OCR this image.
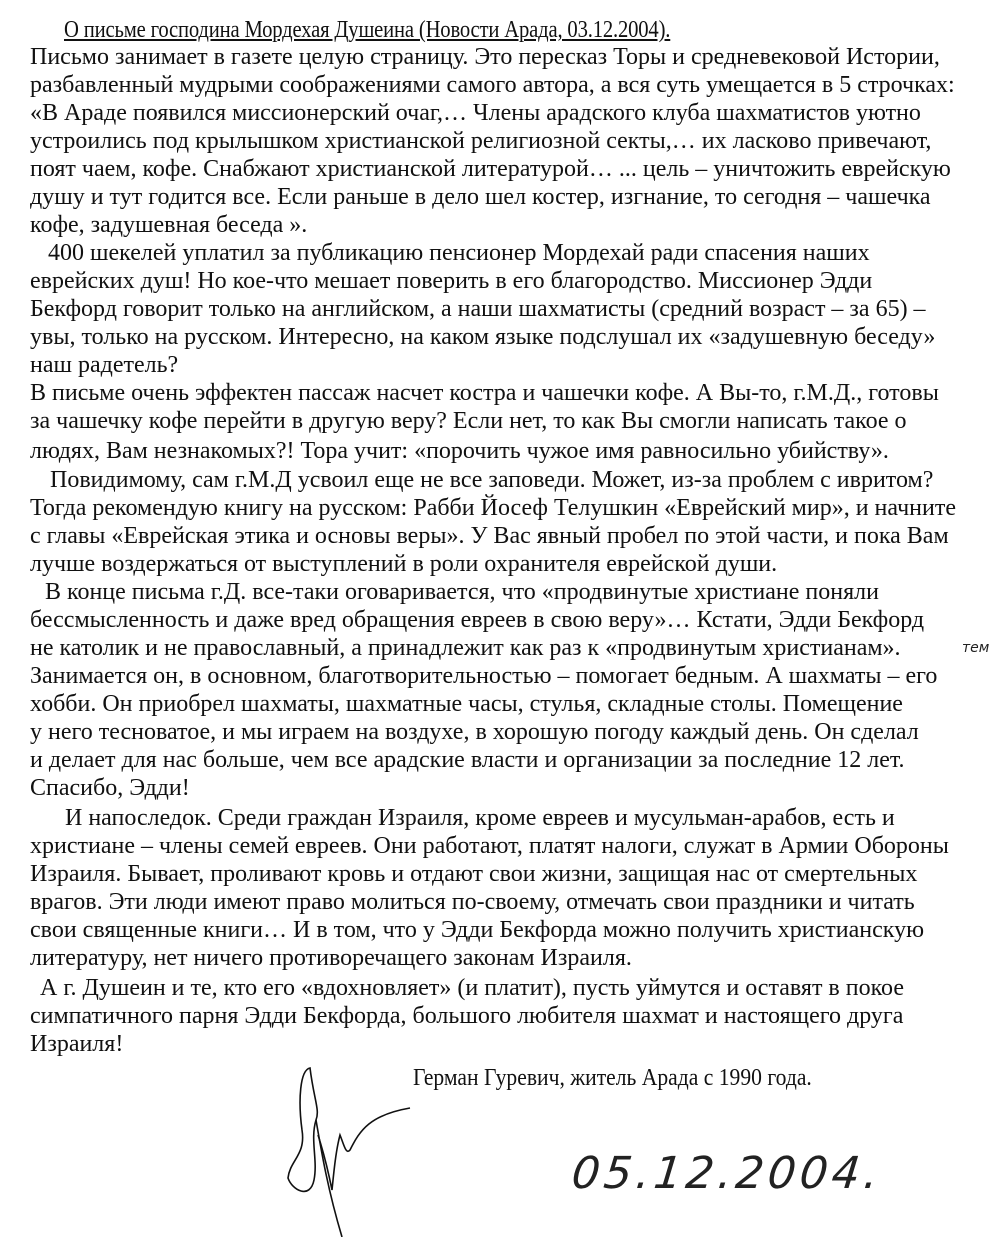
О письме господина Мордехая Душеина (Новости Арада, 03.12.2004).
Письмо занимает в газете целую страницу. Это пересказ Торы и средневековой Истории,
разбавленный мудрыми соображениями самого автора, а вся суть умещается в 5 строчках:
«В Араде появился миссионерский очаг,… Члены арадского клуба шахматистов уютно
устроились под крылышком христианской религиозной секты,… их ласково привечают,
поят чаем, кофе. Снабжают христианской литературой… ... цель – уничтожить еврейскую
душу и тут годится все. Если раньше в дело шел костер, изгнание, то сегодня – чашечка
кофе, задушевная беседа ».
400 шекелей уплатил за публикацию пенсионер Мордехай ради спасения наших
еврейских душ! Но кое-что мешает поверить в его благородство. Миссионер Эдди
Бекфорд говорит только на английском, а наши шахматисты (средний возраст – за 65) –
увы, только на русском. Интересно, на каком языке подслушал их «задушевную беседу»
наш радетель?
В письме очень эффектен пассаж насчет костра и чашечки кофе. А Вы-то, г.М.Д., готовы
за чашечку кофе перейти в другую веру? Если нет, то как Вы смогли написать такое о
людях, Вам незнакомых?! Тора учит: «порочить чужое имя равносильно убийству».
Повидимому, сам г.М.Д усвоил еще не все заповеди. Может, из-за проблем с ивритом?
Тогда рекомендую книгу на русском: Рабби Йосеф Телушкин «Еврейский мир», и начните
с главы «Еврейская этика и основы веры». У Вас явный пробел по этой части, и пока Вам
лучше воздержаться от выступлений в роли охранителя еврейской души.
В конце письма г.Д. все-таки оговаривается, что «продвинутые христиане поняли
бессмысленность и даже вред обращения евреев в свою веру»… Кстати, Эдди Бекфорд
не католик и не православный, а принадлежит как раз к «продвинутым христианам».
Занимается он, в основном, благотворительностью – помогает бедным. А шахматы – его
хобби. Он приобрел шахматы, шахматные часы, стулья, складные столы. Помещение
у него тесноватое, и мы играем на воздухе, в хорошую погоду каждый день. Он сделал
и делает для нас больше, чем все арадские власти и организации за последние 12 лет.
Спасибо, Эдди!
И напоследок. Среди граждан Израиля, кроме евреев и мусульман-арабов, есть и
христиане – члены семей евреев. Они работают, платят налоги, служат в Армии Обороны
Израиля. Бывает, проливают кровь и отдают свои жизни, защищая нас от смертельных
врагов. Эти люди имеют право молиться по-своему, отмечать свои праздники и читать
свои священные книги… И в том, что у Эдди Бекфорда можно получить христианскую
литературу, нет ничего противоречащего законам Израиля.
А г. Душеин и те, кто его «вдохновляет» (и платит), пусть уймутся и оставят в покое
симпатичного парня Эдди Бекфорда, большого любителя шахмат и настоящего друга
Израиля!
тем
Герман Гуревич, житель Арада с 1990 года.
05.12.2004.
